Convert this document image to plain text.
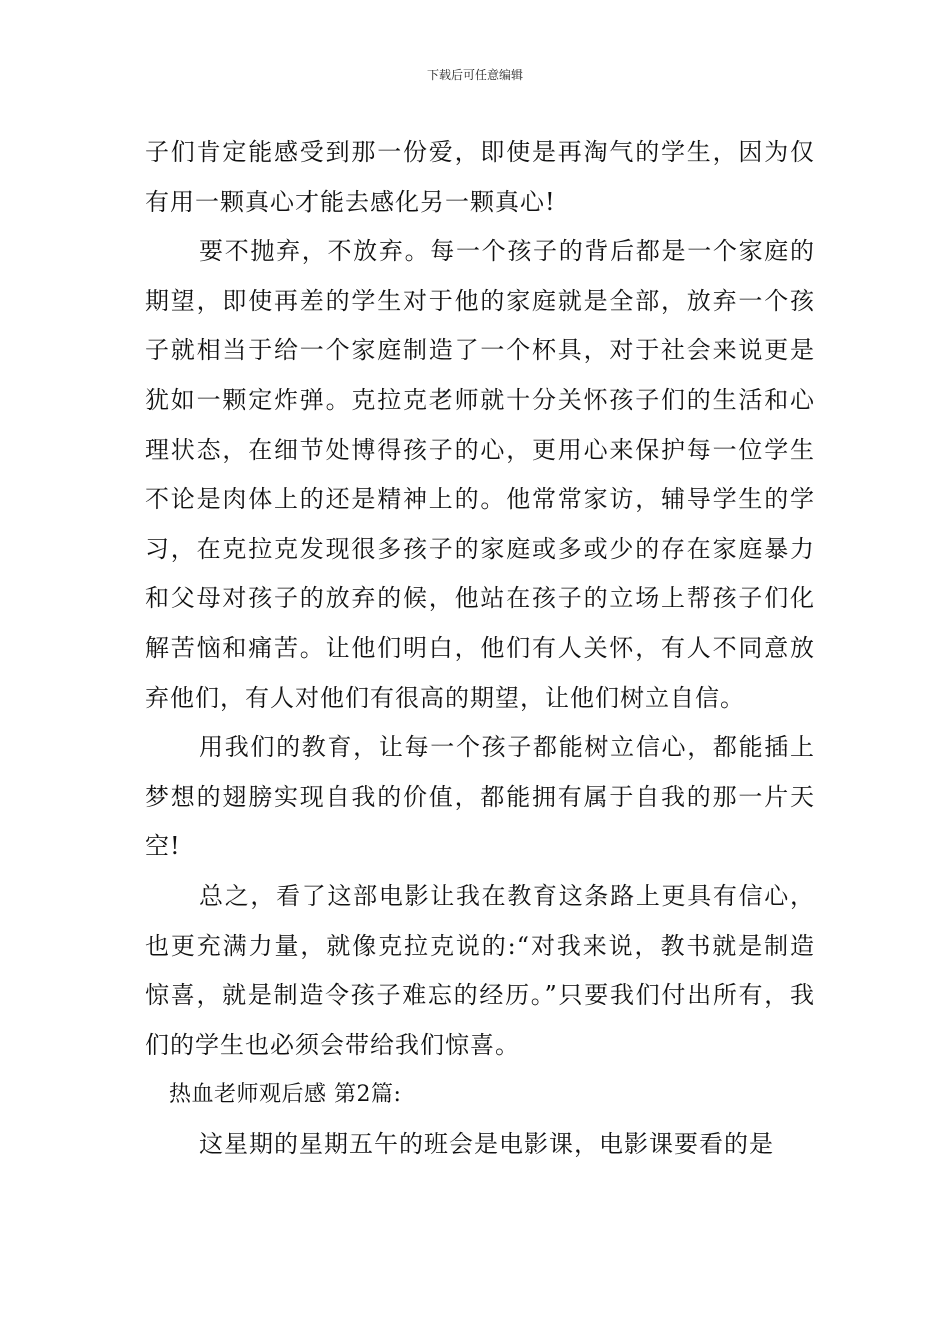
下载后可任意编辑

子们肯定能感受到那一份爱，即使是再淘气的学生，因为仅有用一颗真心才能去感化另一颗真心!

要不抛弃，不放弃。每一个孩子的背后都是一个家庭的期望，即使再差的学生对于他的家庭就是全部，放弃一个孩子就相当于给一个家庭制造了一个杯具，对于社会来说更是犹如一颗定炸弹。克拉克老师就十分关怀孩子们的生活和心理状态，在细节处博得孩子的心，更用心来保护每一位学生不论是肉体上的还是精神上的。他常常家访，辅导学生的学习，在克拉克发现很多孩子的家庭或多或少的存在家庭暴力和父母对孩子的放弃的候，他站在孩子的立场上帮孩子们化解苦恼和痛苦。让他们明白，他们有人关怀，有人不同意放弃他们，有人对他们有很高的期望，让他们树立自信。

用我们的教育，让每一个孩子都能树立信心，都能插上梦想的翅膀实现自我的价值，都能拥有属于自我的那一片天空!

总之，看了这部电影让我在教育这条路上更具有信心，也更充满力量，就像克拉克说的:“对我来说，教书就是制造惊喜，就是制造令孩子难忘的经历。”只要我们付出所有，我们的学生也必须会带给我们惊喜。

热血老师观后感 第2篇:

这星期的星期五午的班会是电影课，电影课要看的是
